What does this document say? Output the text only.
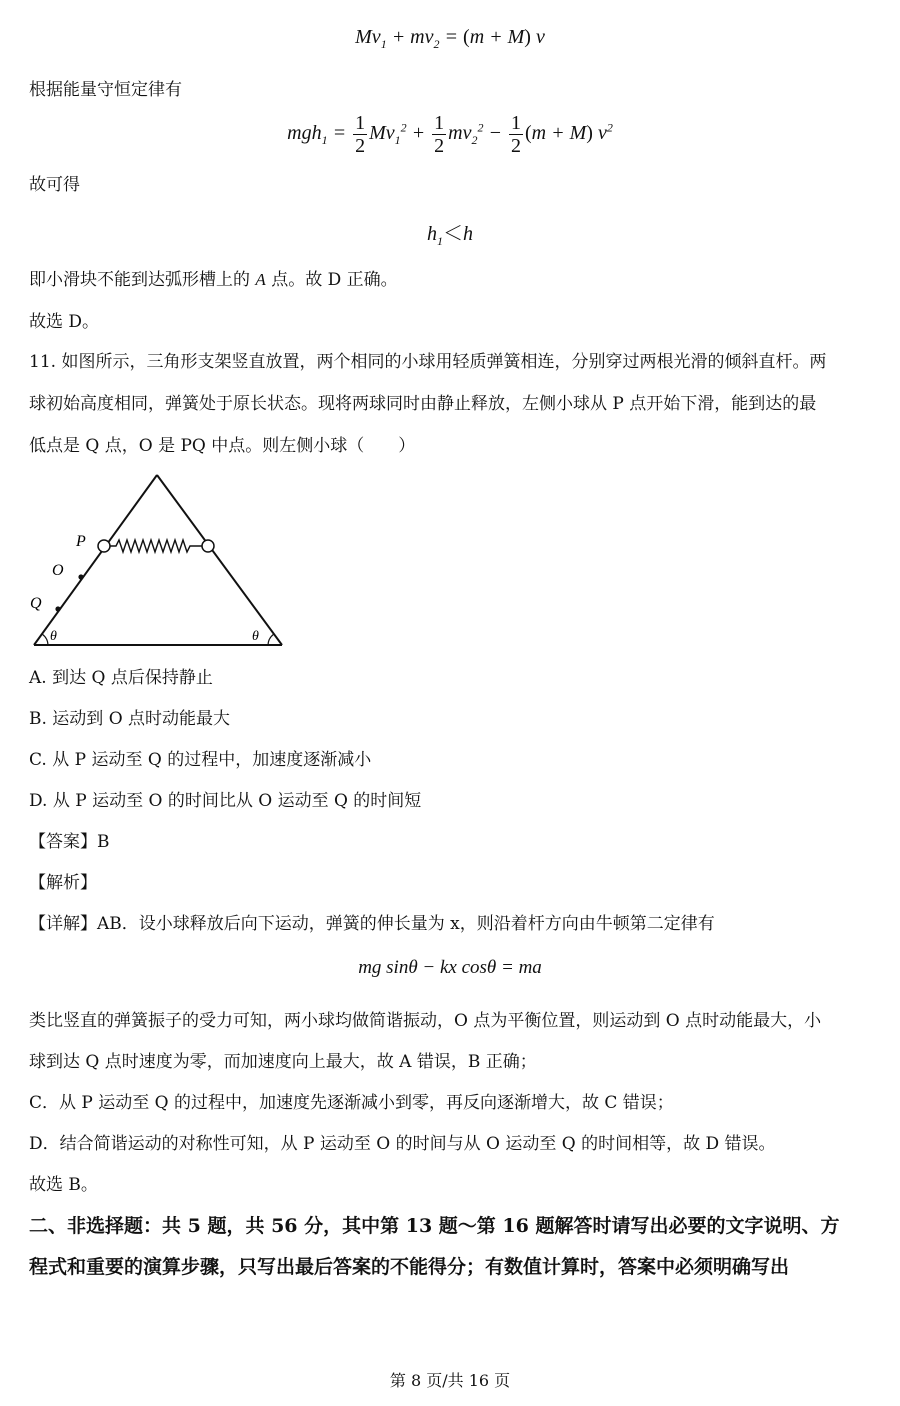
$Mv_1 + mv_2 = (m + M)$ v
根据能量守恒定律有
$mgh_1 = \frac{1}{2} Mv_1^2 + \frac{1}{2} mv_2^2 - \frac{1}{2} (m + M)$ $v^2$
故可得
$h_1<h$
即小滑块不能到达弧形槽上的 A 点。故 D 正确。
故选 D。
11. 如图所示，三角形支架竖直放置，两个相同的小球用轻质弹簧相连，分别穿过两根光滑的倾斜直杆。两
球初始高度相同，弹簧处于原长状态。现将两球同时由静止释放，左侧小球从 P 点开始下滑，能到达的最
低点是 Q 点，O 是 PQ 中点。则左侧小球（　　）
P
O
Q
θ	θ
A. 到达 Q 点后保持静止
B. 运动到 O 点时动能最大
C. 从 P 运动至 Q 的过程中，加速度逐渐减小
D. 从 P 运动至 O 的时间比从 O 运动至 Q 的时间短
【答案】B
【解析】
【详解】AB．设小球释放后向下运动，弹簧的伸长量为 x，则沿着杆方向由牛顿第二定律有
mg sinθ − kx cosθ = ma
类比竖直的弹簧振子的受力可知，两小球均做简谐振动，O 点为平衡位置，则运动到 O 点时动能最大，小
球到达 Q 点时速度为零，而加速度向上最大，故 A 错误，B 正确；
C．从 P 运动至 Q 的过程中，加速度先逐渐减小到零，再反向逐渐增大，故 C 错误；
D．结合简谐运动的对称性可知，从 P 运动至 O 的时间与从 O 运动至 Q 的时间相等，故 D 错误。
故选 B。
二、非选择题：共 5 题，共 56 分，其中第 13 题～第 16 题解答时请写出必要的文字说明、方
程式和重要的演算步骤，只写出最后答案的不能得分；有数值计算时，答案中必须明确写出
第 8 页/共 16 页
